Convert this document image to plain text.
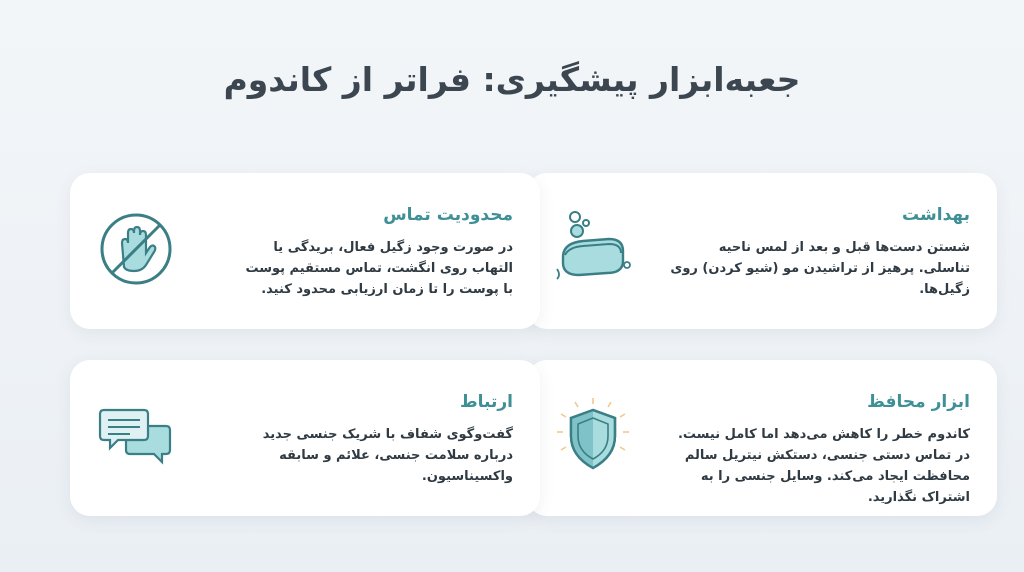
جعبه‌ابزار پیشگیری: فراتر از کاندوم
بهداشت
شستن دست‌ها قبل و بعد از لمس ناحیه تناسلی. پرهیز از تراشیدن مو (شیو کردن) روی زگیل‌ها.
محدودیت تماس
در صورت وجود زگیل فعال، بریدگی یا التهاب روی انگشت، تماس مستقیم پوست با پوست را تا زمان ارزیابی محدود کنید.
ابزار محافظ
کاندوم خطر را کاهش می‌دهد اما کامل نیست. در تماس دستی جنسی، دستکش نیتریل سالم محافظت ایجاد می‌کند. وسایل جنسی را به اشتراک نگذارید.
ارتباط
گفت‌وگوی شفاف با شریک جنسی جدید درباره سلامت جنسی، علائم و سابقه واکسیناسیون.
